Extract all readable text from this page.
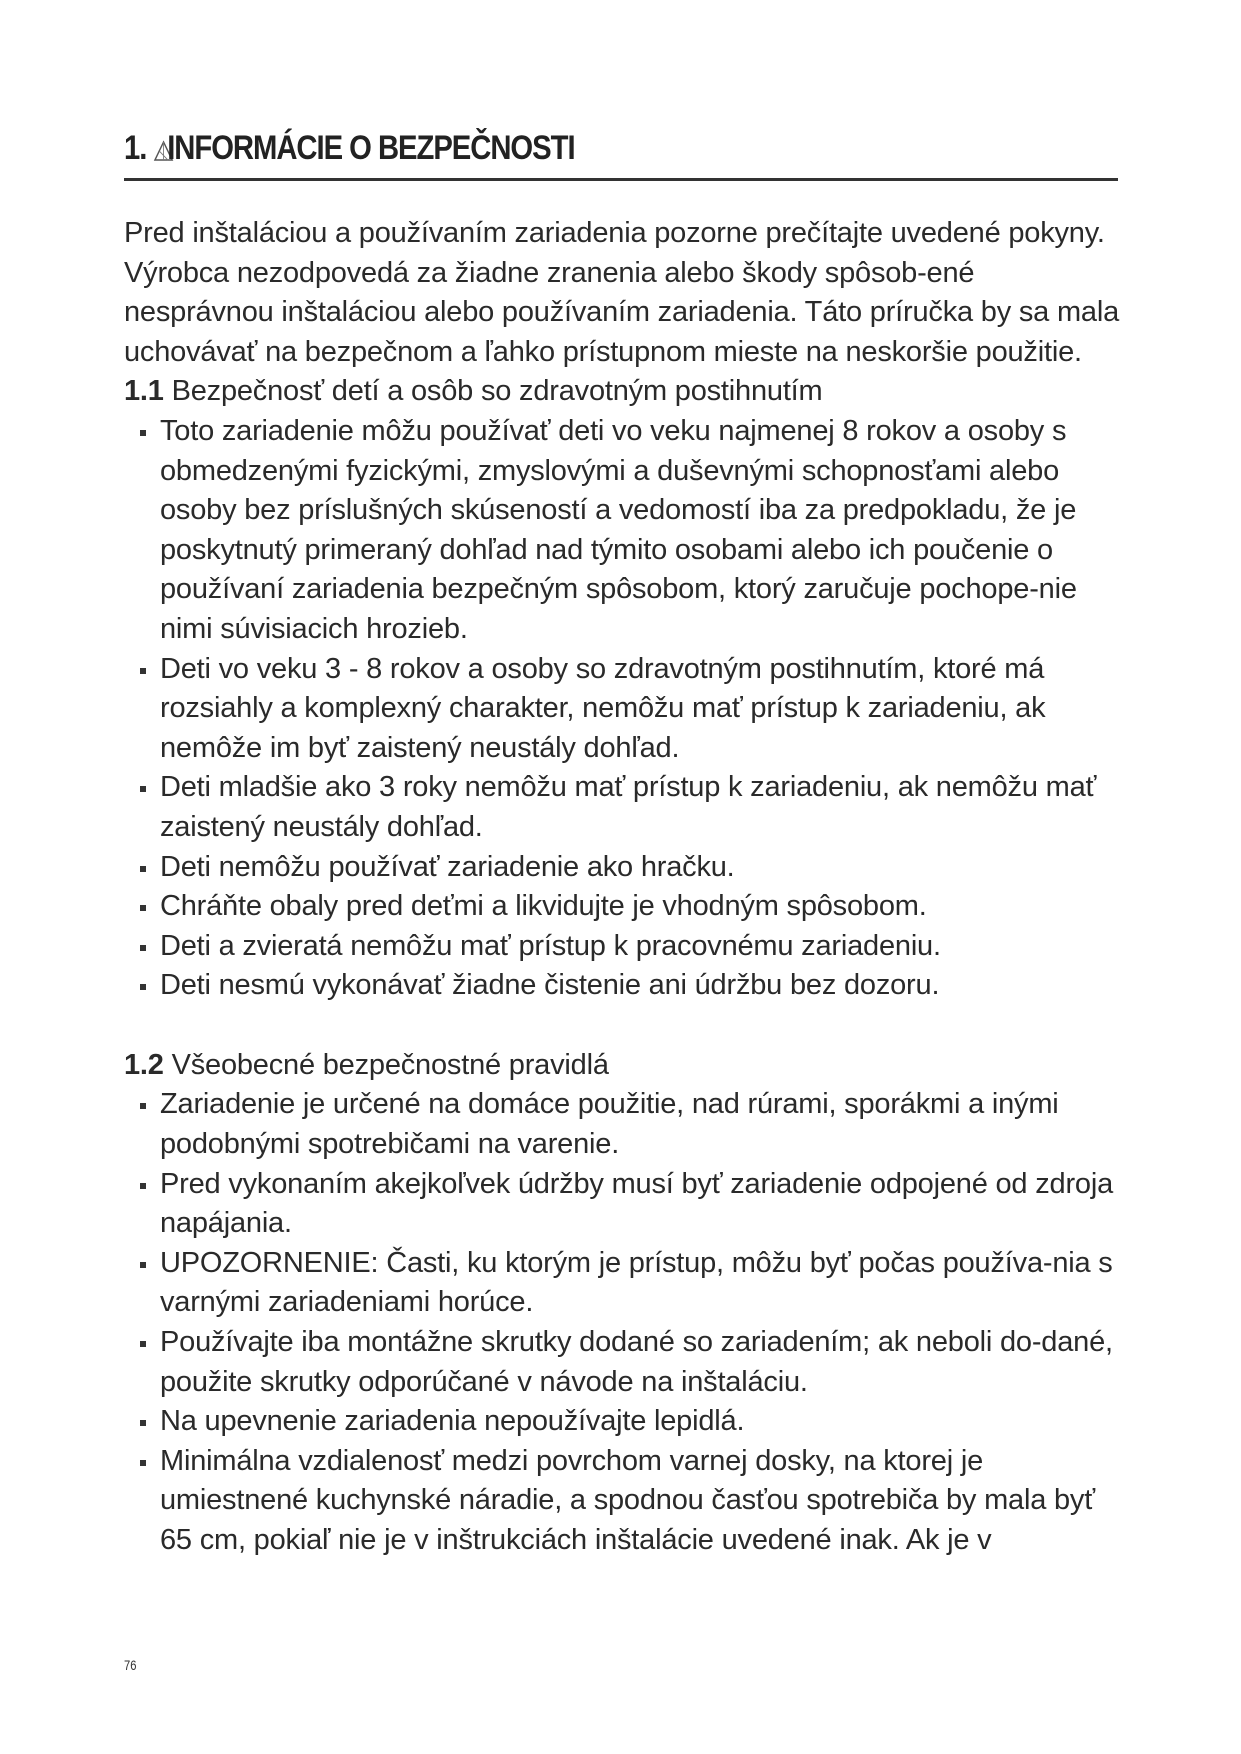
1. INFORMÁCIE O BEZPEČNOSTI

Pred inštaláciou a používaním zariadenia pozorne prečítajte uvedené pokyny. Výrobca nezodpovedá za žiadne zranenia alebo škody spôsob-ené nesprávnou inštaláciou alebo používaním zariadenia. Táto príručka by sa mala uchovávať na bezpečnom a ľahko prístupnom mieste na neskoršie použitie.

1.1 Bezpečnosť detí a osôb so zdravotným postihnutím

Toto zariadenie môžu používať deti vo veku najmenej 8 rokov a osoby s obmedzenými fyzickými, zmyslovými a duševnými schopnosťami alebo osoby bez príslušných skúseností a vedomostí iba za predpokladu, že je poskytnutý primeraný dohľad nad týmito osobami alebo ich poučenie o používaní zariadenia bezpečným spôsobom, ktorý zaručuje pochope-nie nimi súvisiacich hrozieb.
Deti vo veku 3 - 8 rokov a osoby so zdravotným postihnutím, ktoré má rozsiahly a komplexný charakter, nemôžu mať prístup k zariadeniu, ak nemôže im byť zaistený neustály dohľad.
Deti mladšie ako 3 roky nemôžu mať prístup k zariadeniu, ak nemôžu mať zaistený neustály dohľad.
Deti nemôžu používať zariadenie ako hračku.
Chráňte obaly pred deťmi a likvidujte je vhodným spôsobom.
Deti a zvieratá nemôžu mať prístup k pracovnému zariadeniu.
Deti nesmú vykonávať žiadne čistenie ani údržbu bez dozoru.

1.2 Všeobecné bezpečnostné pravidlá

Zariadenie je určené na domáce použitie, nad rúrami, sporákmi a inými podobnými spotrebičami na varenie.
Pred vykonaním akejkoľvek údržby musí byť zariadenie odpojené od zdroja napájania.
UPOZORNENIE: Časti, ku ktorým je prístup, môžu byť počas používa-nia s varnými zariadeniami horúce.
Používajte iba montážne skrutky dodané so zariadením; ak neboli do-dané, použite skrutky odporúčané v návode na inštaláciu.
Na upevnenie zariadenia nepoužívajte lepidlá.
Minimálna vzdialenosť medzi povrchom varnej dosky, na ktorej je umiestnené kuchynské náradie, a spodnou časťou spotrebiča by mala byť 65 cm, pokiaľ nie je v inštrukciách inštalácie uvedené inak. Ak je v
76
